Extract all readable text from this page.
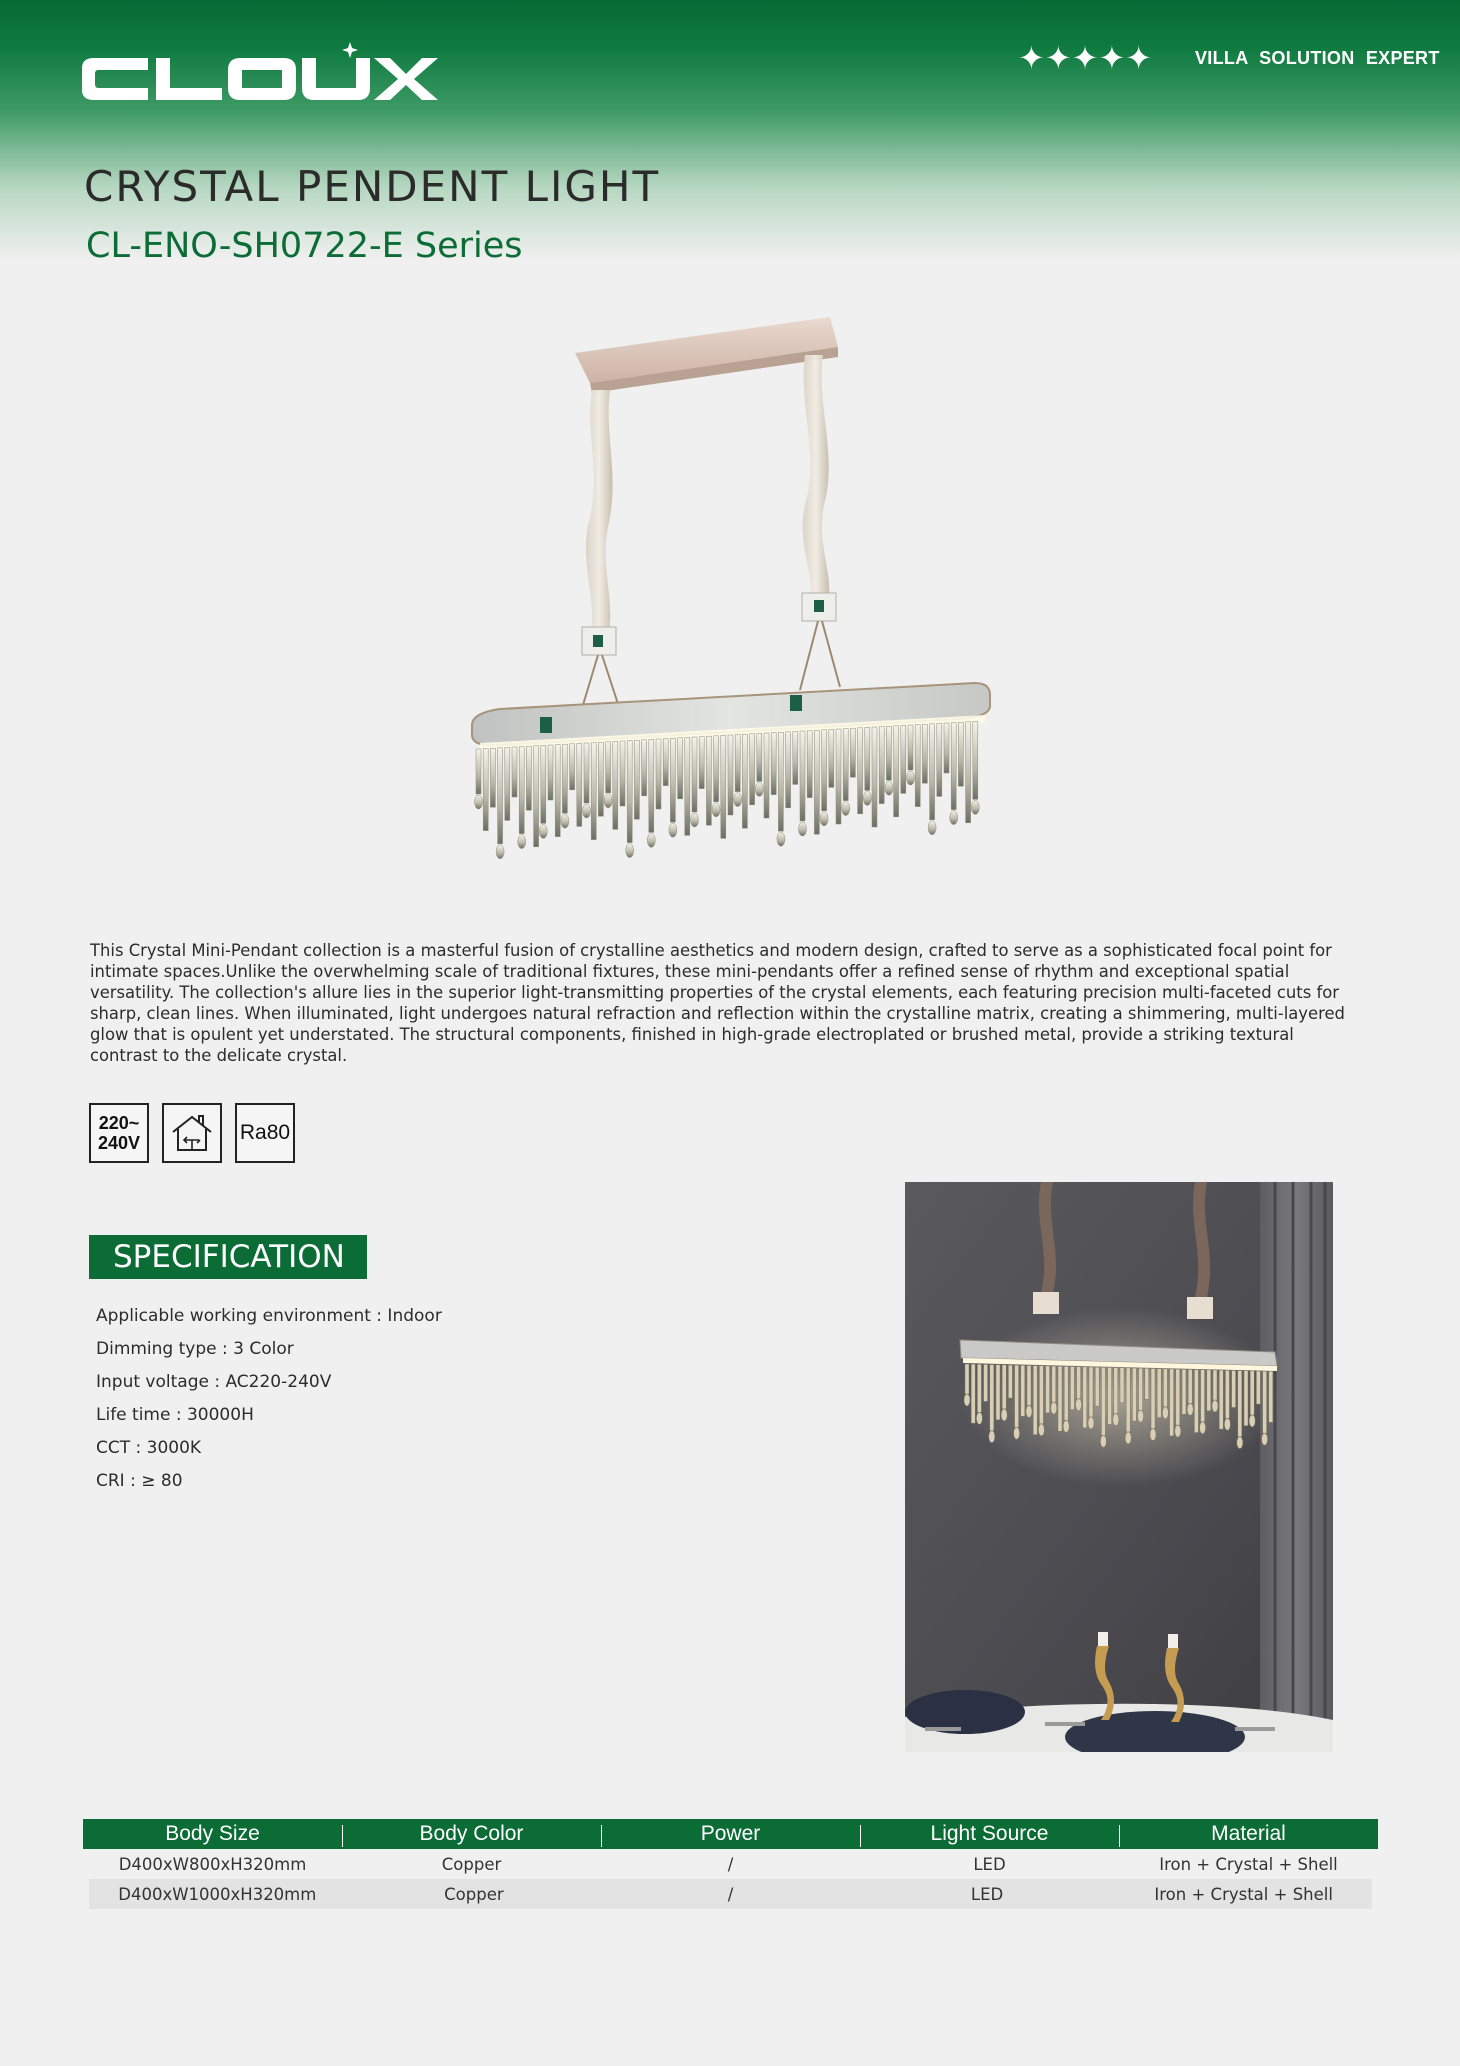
✦✦✦✦✦ VILLA SOLUTION EXPERT
CRYSTAL PENDENT LIGHT
CL-ENO-SH0722-E Series
This Crystal Mini-Pendant collection is a masterful fusion of crystalline aesthetics and modern design, crafted to serve as a sophisticated focal point for intimate spaces.Unlike the overwhelming scale of traditional fixtures, these mini-pendants offer a refined sense of rhythm and exceptional spatial versatility. The collection's allure lies in the superior light-transmitting properties of the crystal elements, each featuring precision multi-faceted cuts for sharp, clean lines. When illuminated, light undergoes natural refraction and reflection within the crystalline matrix, creating a shimmering, multi-layered glow that is opulent yet understated. The structural components, finished in high-grade electroplated or brushed metal, provide a striking textural contrast to the delicate crystal.
220~
240V	Ra80
SPECIFICATION
Applicable working environment : Indoor
Dimming type : 3 Color
Input voltage : AC220-240V
Life time : 30000H
CCT : 3000K
CRI : ≥ 80
Body Size	Body Color	Power	Light Source	Material
D400xW800xH320mm	Copper	/	LED	Iron + Crystal + Shell
D400xW1000xH320mm	Copper	/	LED	Iron + Crystal + Shell
